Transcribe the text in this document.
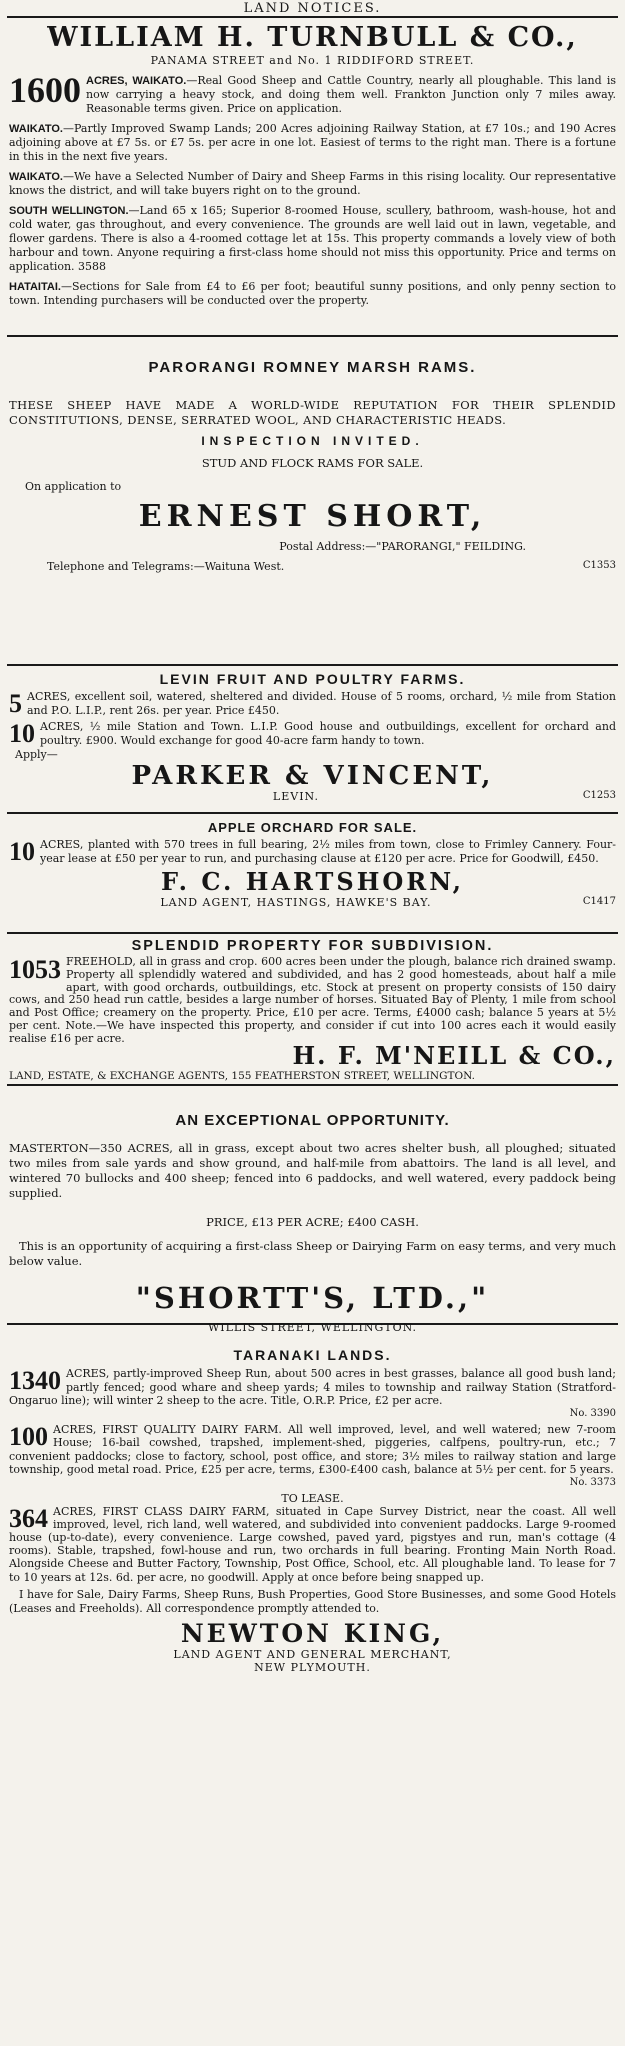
LAND NOTICES.
WILLIAM H. TURNBULL & CO.,
PANAMA STREET and No. 1 RIDDIFORD STREET.
1600 ACRES, WAIKATO.—Real Good Sheep and Cattle Country, nearly all ploughable. This land is now carrying a heavy stock, and doing them well. Frankton Junction only 7 miles away. Reasonable terms given. Price on application.
WAIKATO.—Partly Improved Swamp Lands; 200 Acres adjoining Railway Station, at £7 10s.; and 190 Acres adjoining above at £7 5s. or £7 5s. per acre in one lot. Easiest of terms to the right man. There is a fortune in this in the next five years.
WAIKATO.—We have a Selected Number of Dairy and Sheep Farms in this rising locality. Our representative knows the district, and will take buyers right on to the ground.
SOUTH WELLINGTON.—Land 65 x 165; Superior 8-roomed House, scullery, bathroom, wash-house, hot and cold water, gas throughout, and every convenience. The grounds are well laid out in lawn, vegetable, and flower gardens. There is also a 4-roomed cottage let at 15s. This property commands a lovely view of both harbour and town. Anyone requiring a first-class home should not miss this opportunity. Price and terms on application. 3588
HATAITAI.—Sections for Sale from £4 to £6 per foot; beautiful sunny positions, and only penny section to town. Intending purchasers will be conducted over the property.
PARORANGI ROMNEY MARSH RAMS.
THESE SHEEP HAVE MADE A WORLD-WIDE REPUTATION FOR THEIR SPLENDID CONSTITUTIONS, DENSE, SERRATED WOOL, AND CHARACTERISTIC HEADS.
INSPECTION INVITED.
STUD AND FLOCK RAMS FOR SALE.
On application to
ERNEST SHORT,
Postal Address:—"PARORANGI," FEILDING.
Telephone and Telegrams:—Waituna West.	C1353
LEVIN FRUIT AND POULTRY FARMS.
5 ACRES, excellent soil, watered, sheltered and divided. House of 5 rooms, orchard, ½ mile from Station and P.O. L.I.P., rent 26s. per year. Price £450.
10 ACRES, ½ mile Station and Town. L.I.P. Good house and outbuildings, excellent for orchard and poultry. £900. Would exchange for good 40-acre farm handy to town.
Apply—
PARKER & VINCENT,
LEVIN.	C1253
APPLE ORCHARD FOR SALE.
10 ACRES, planted with 570 trees in full bearing, 2½ miles from town, close to Frimley Cannery. Four-year lease at £50 per year to run, and purchasing clause at £120 per acre. Price for Goodwill, £450.
F. C. HARTSHORN,
LAND AGENT, HASTINGS, HAWKE'S BAY.	C1417
SPLENDID PROPERTY FOR SUBDIVISION.
1053 FREEHOLD, all in grass and crop. 600 acres been under the plough, balance rich drained swamp. Property all splendidly watered and subdivided, and has 2 good homesteads, about half a mile apart, with good orchards, outbuildings, etc. Stock at present on property consists of 150 dairy cows, and 250 head run cattle, besides a large number of horses. Situated Bay of Plenty, 1 mile from school and Post Office; creamery on the property. Price, £10 per acre. Terms, £4000 cash; balance 5 years at 5½ per cent. Note.—We have inspected this property, and consider if cut into 100 acres each it would easily realise £16 per acre.
H. F. M'NEILL & CO.,
LAND, ESTATE, & EXCHANGE AGENTS, 155 FEATHERSTON STREET, WELLINGTON.
AN EXCEPTIONAL OPPORTUNITY.
MASTERTON—350 ACRES, all in grass, except about two acres shelter bush, all ploughed; situated two miles from sale yards and show ground, and half-mile from abattoirs. The land is all level, and wintered 70 bullocks and 400 sheep; fenced into 6 paddocks, and well watered, every paddock being supplied.
PRICE, £13 PER ACRE; £400 CASH.
This is an opportunity of acquiring a first-class Sheep or Dairying Farm on easy terms, and very much below value.
"SHORTT'S, LTD.,"
WILLIS STREET, WELLINGTON.
TARANAKI LANDS.
1340 ACRES, partly-improved Sheep Run, about 500 acres in best grasses, balance all good bush land; partly fenced; good whare and sheep yards; 4 miles to township and railway Station (Stratford-Ongaruo line); will winter 2 sheep to the acre. Title, O.R.P. Price, £2 per acre.
No. 3390
100 ACRES, FIRST QUALITY DAIRY FARM. All well improved, level, and well watered; new 7-room House; 16-bail cowshed, trapshed, implement-shed, piggeries, calfpens, poultry-run, etc.; 7 convenient paddocks; close to factory, school, post office, and store; 3½ miles to railway station and large township, good metal road. Price, £25 per acre, terms, £300-£400 cash, balance at 5½ per cent. for 5 years.
No. 3373
TO LEASE.
364 ACRES, FIRST CLASS DAIRY FARM, situated in Cape Survey District, near the coast. All well improved, level, rich land, well watered, and subdivided into convenient paddocks. Large 9-roomed house (up-to-date), every convenience. Large cowshed, paved yard, pigstyes and run, man's cottage (4 rooms). Stable, trapshed, fowl-house and run, two orchards in full bearing. Fronting Main North Road. Alongside Cheese and Butter Factory, Township, Post Office, School, etc. All ploughable land. To lease for 7 to 10 years at 12s. 6d. per acre, no goodwill. Apply at once before being snapped up.
I have for Sale, Dairy Farms, Sheep Runs, Bush Properties, Good Store Businesses, and some Good Hotels (Leases and Freeholds). All correspondence promptly attended to.
NEWTON KING,
LAND AGENT AND GENERAL MERCHANT,
NEW PLYMOUTH.
